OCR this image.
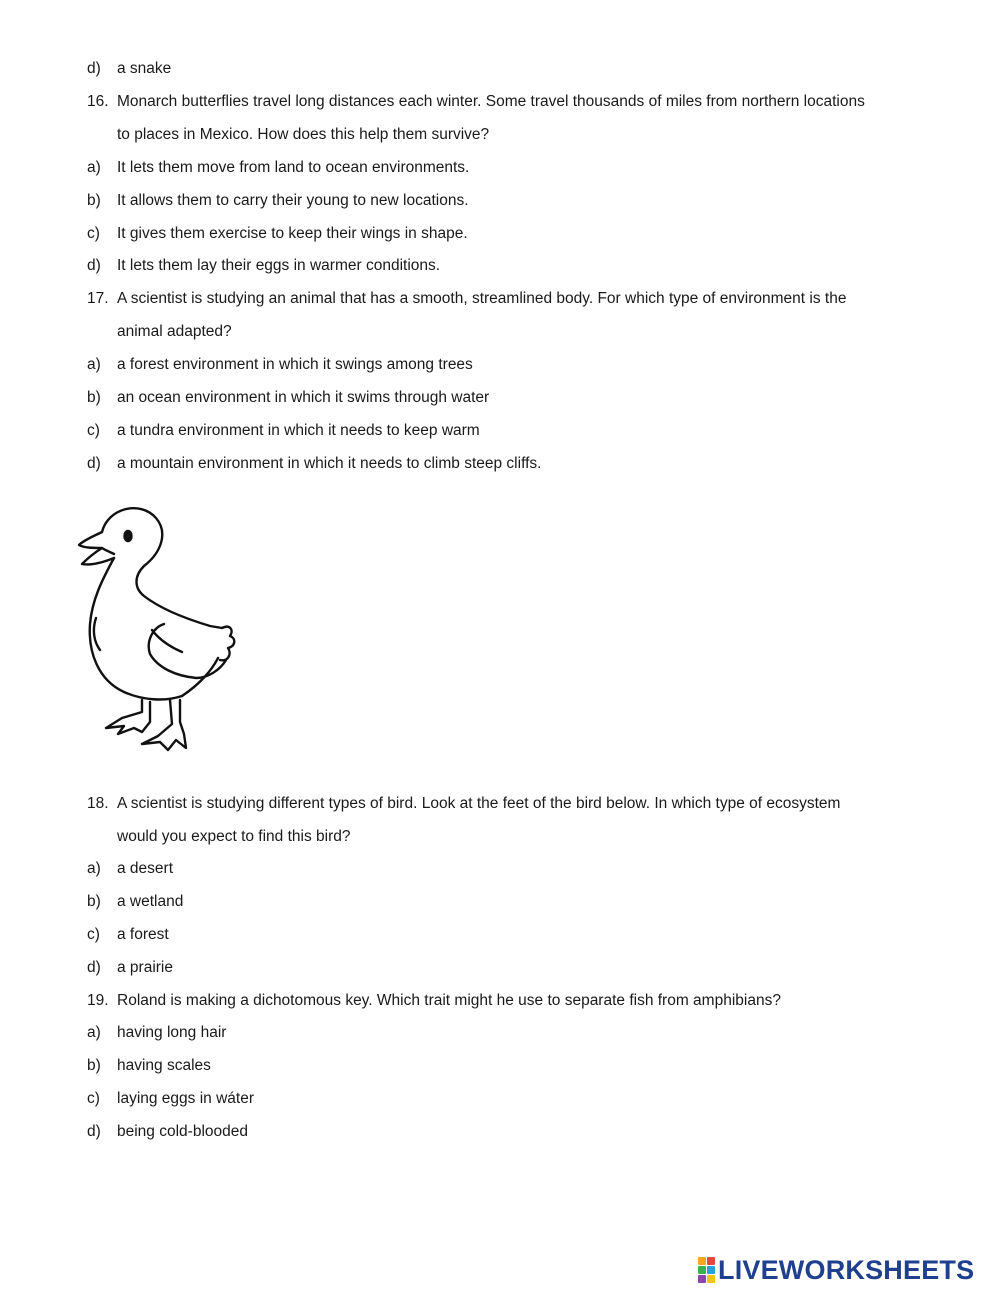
d) a snake
16. Monarch butterflies travel long distances each winter. Some travel thousands of miles from northern locations
to places in Mexico. How does this help them survive?
a) It lets them move from land to ocean environments.
b) It allows them to carry their young to new locations.
c) It gives them exercise to keep their wings in shape.
d) It lets them lay their eggs in warmer conditions.
17. A scientist is studying an animal that has a smooth, streamlined body. For which type of environment is the
animal adapted?
a) a forest environment in which it swings among trees
b) an ocean environment in which it swims through water
c) a tundra environment in which it needs to keep warm
d) a mountain environment in which it needs to climb steep cliffs.
18. A scientist is studying different types of bird. Look at the feet of the bird below. In which type of ecosystem
would you expect to find this bird?
a) a desert
b) a wetland
c) a forest
d) a prairie
19. Roland is making a dichotomous key. Which trait might he use to separate fish from amphibians?
a) having long hair
b) having scales
c) laying eggs in wáter
d) being cold-blooded
LIVEWORKSHEETS
